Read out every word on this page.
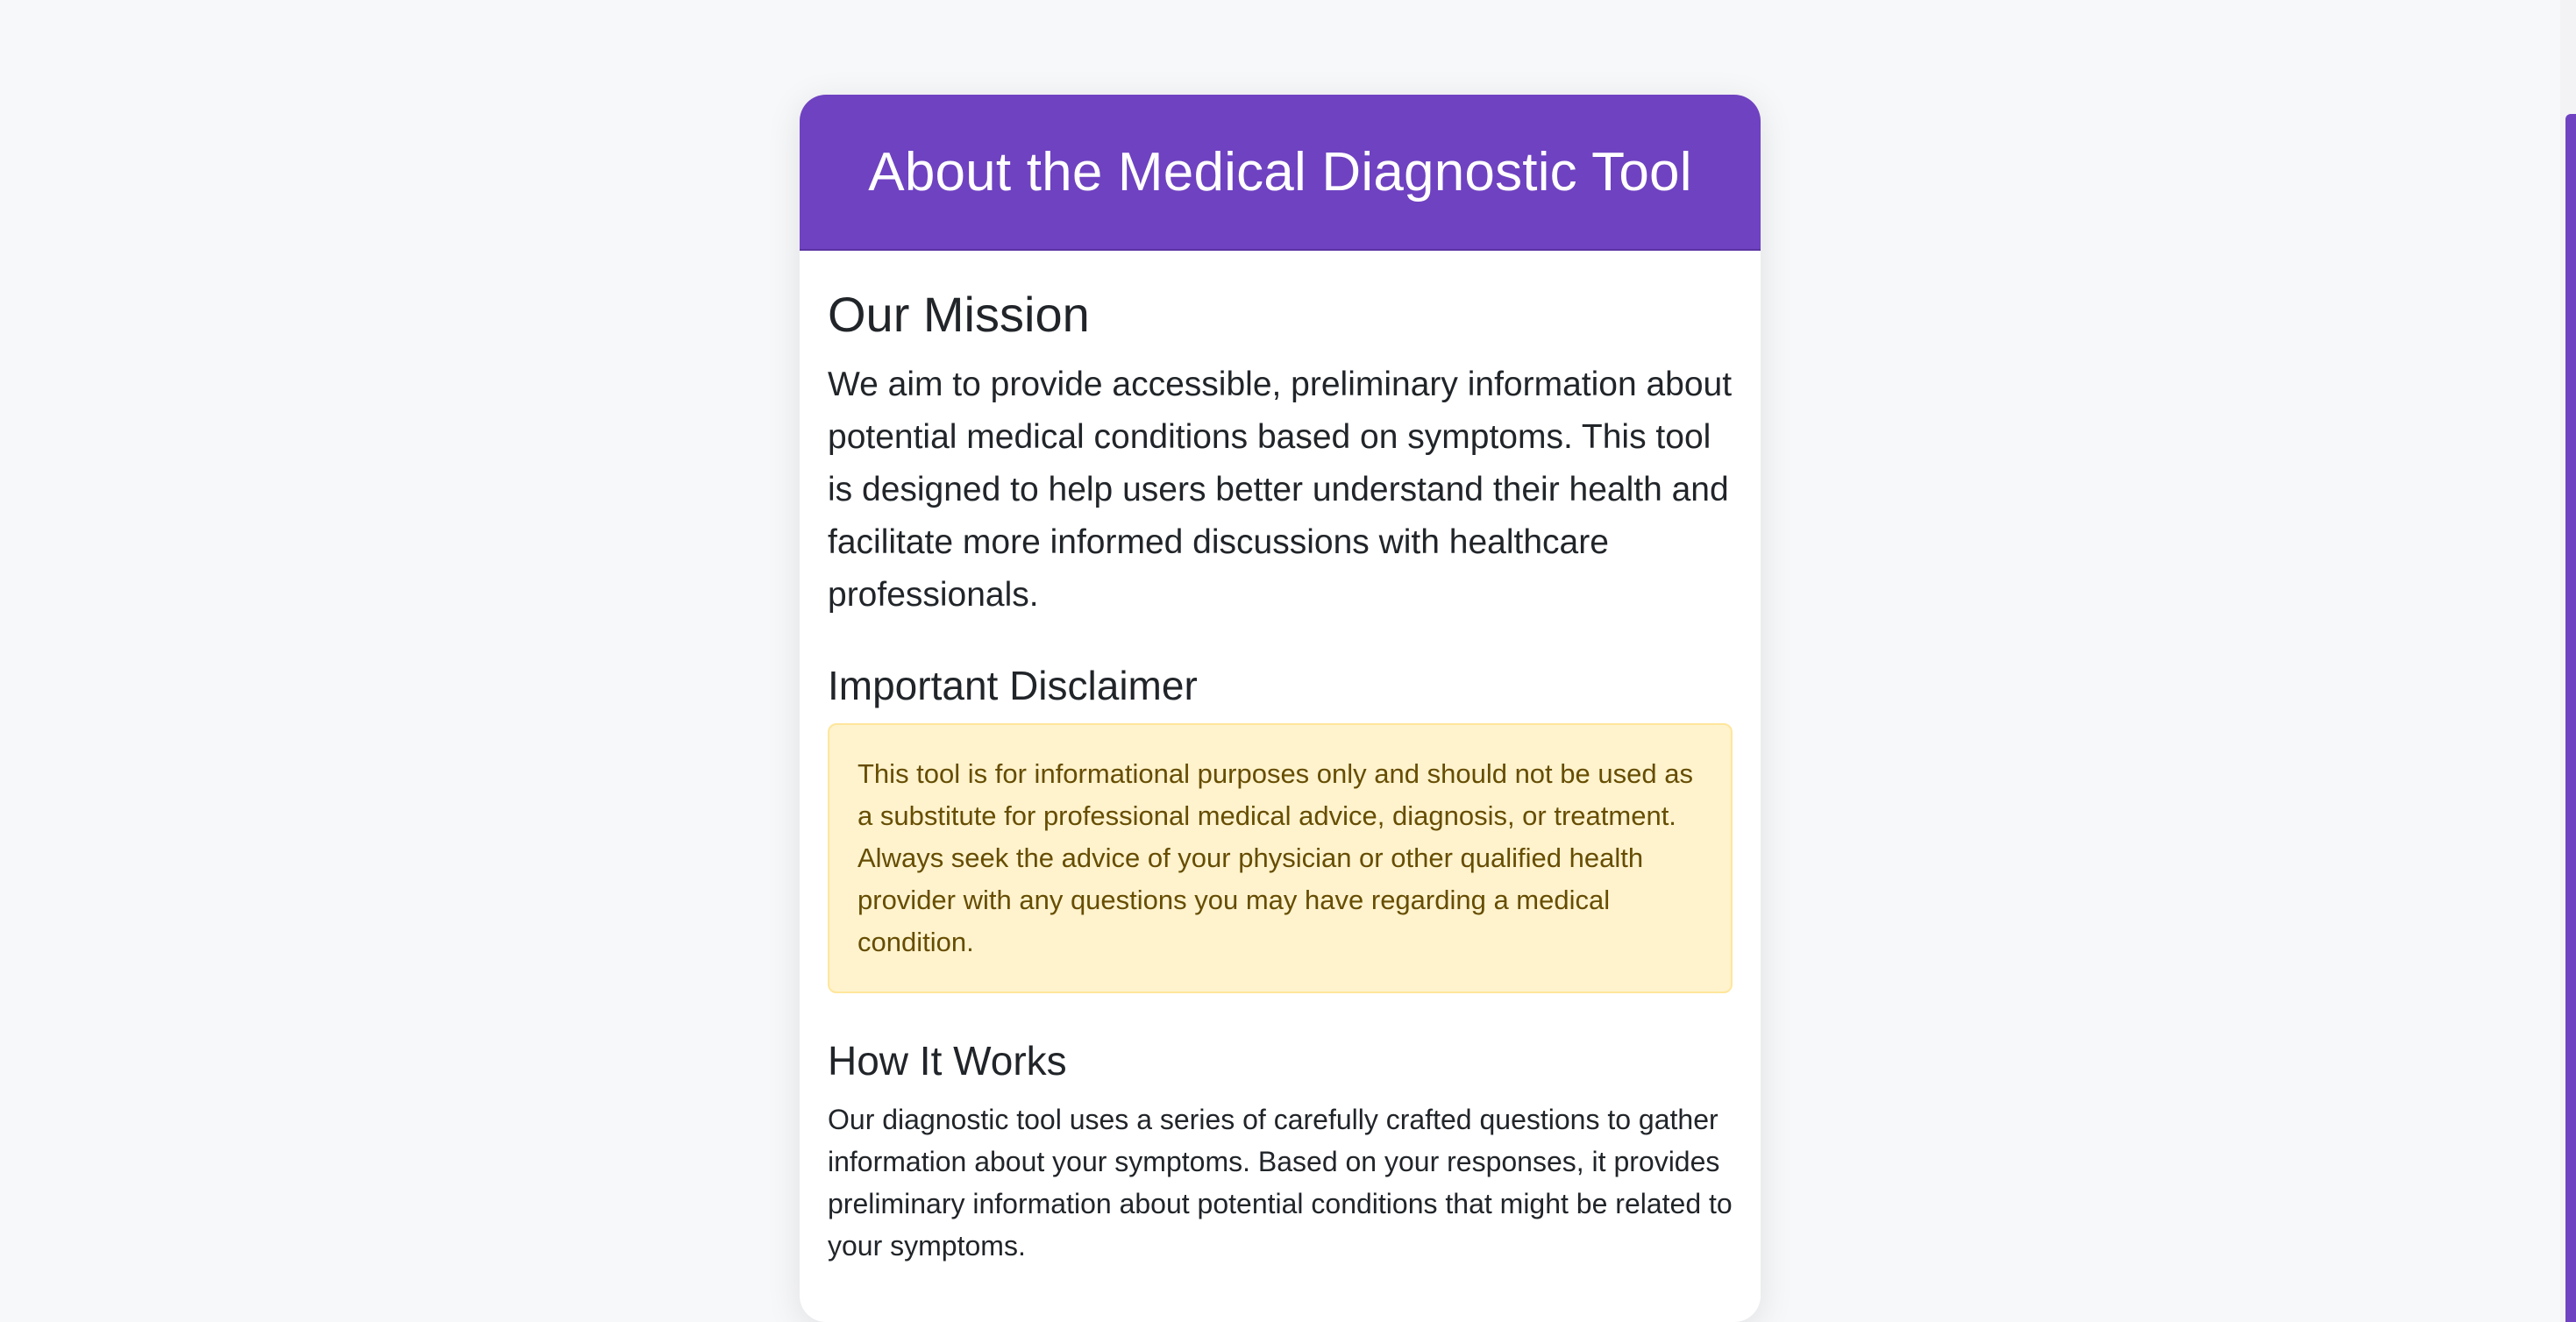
About the Medical Diagnostic Tool
Our Mission

We aim to provide accessible, preliminary information about potential medical conditions based on symptoms. This tool is designed to help users better understand their health and facilitate more informed discussions with healthcare professionals.

Important Disclaimer
This tool is for informational purposes only and should not be used as a substitute for professional medical advice, diagnosis, or treatment. Always seek the advice of your physician or other qualified health provider with any questions you may have regarding a medical condition.
How It Works

Our diagnostic tool uses a series of carefully crafted questions to gather information about your symptoms. Based on your responses, it provides preliminary information about potential conditions that might be related to your symptoms.
